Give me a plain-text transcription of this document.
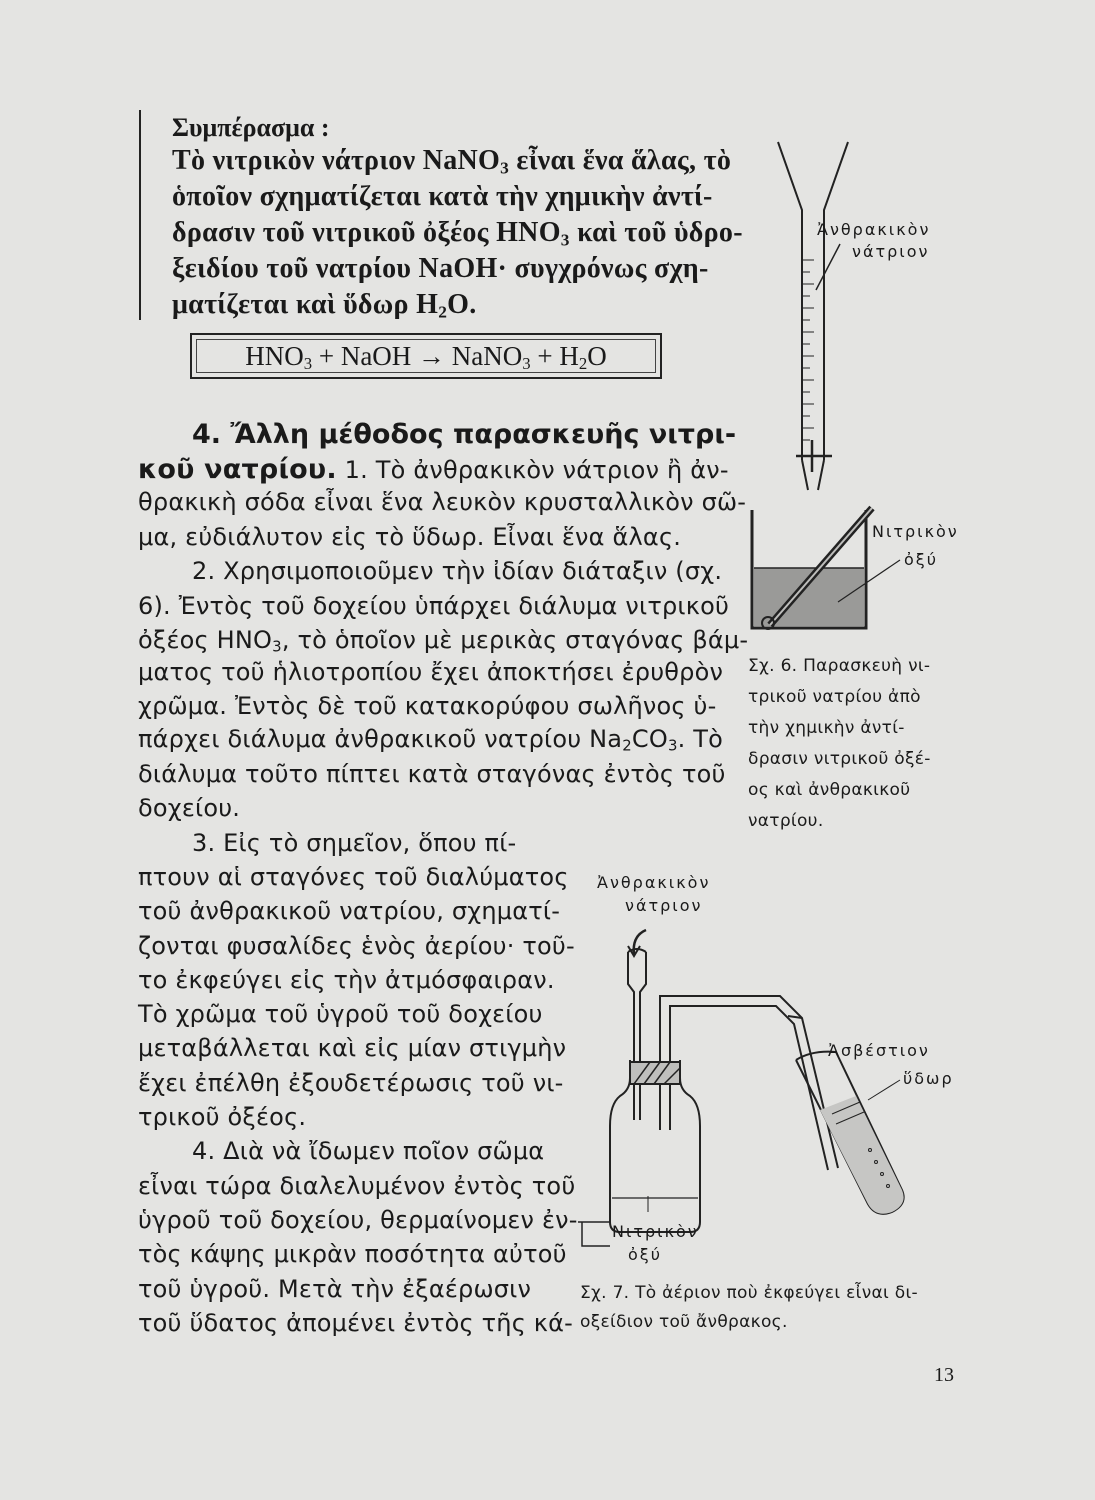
Συμπέρασμα :
Τὸ νιτρικὸν νάτριον NaNO$_3$ εἶναι ἕνα ἅλας, τὸ
ὁποῖον σχηματίζεται κατὰ τὴν χημικὴν ἀντί-
δρασιν τοῦ νιτρικοῦ ὀξέος $HNO_3$ καὶ τοῦ ὑδρο-
ξειδίου τοῦ νατρίου NaOH· συγχρόνως σχη-
ματίζεται καὶ ὕδωρ $H_2O$.
$HNO_3$ + NaOH → NaNO$_3$ + $H_2O$
4. Ἄλλη μέθοδος παρασκευῆς νιτρι-
κοῦ νατρίου. 1. Τὸ ἀνθρακικὸν νάτριον ἢ ἀν-
θρακικὴ σόδα εἶναι ἕνα λευκὸν κρυσταλλικὸν σῶ-
μα, εὐδιάλυτον εἰς τὸ ὕδωρ. Εἶναι ἕνα ἅλας.
2. Χρησιμοποιοῦμεν τὴν ἰδίαν διάταξιν (σχ.
6). Ἐντὸς τοῦ δοχείου ὑπάρχει διάλυμα νιτρικοῦ
ὀξέος $HNO_3$, τὸ ὁποῖον μὲ μερικὰς σταγόνας βάμ-
ματος τοῦ ἡλιοτροπίου ἔχει ἀποκτήσει ἐρυθρὸν
χρῶμα. Ἐντὸς δὲ τοῦ κατακορύφου σωλῆνος ὑ-
πάρχει διάλυμα ἀνθρακικοῦ νατρίου $Na_2CO_3$. Τὸ
διάλυμα τοῦτο πίπτει κατὰ σταγόνας ἐντὸς τοῦ
δοχείου.
3. Εἰς τὸ σημεῖον, ὅπου πί-
πτουν αἱ σταγόνες τοῦ διαλύματος
τοῦ ἀνθρακικοῦ νατρίου, σχηματί-
ζονται φυσαλίδες ἑνὸς ἀερίου· τοῦ-
το ἐκφεύγει εἰς τὴν ἀτμόσφαιραν.
Τὸ χρῶμα τοῦ ὑγροῦ τοῦ δοχείου
μεταβάλλεται καὶ εἰς μίαν στιγμὴν
ἔχει ἐπέλθη ἐξουδετέρωσις τοῦ νι-
τρικοῦ ὀξέος.
4. Διὰ νὰ ἴδωμεν ποῖον σῶμα
εἶναι τώρα διαλελυμένον ἐντὸς τοῦ
ὑγροῦ τοῦ δοχείου, θερμαίνομεν ἐν-
τὸς κάψης μικρὰν ποσότητα αὐτοῦ
τοῦ ὑγροῦ. Μετὰ τὴν ἐξαέρωσιν
τοῦ ὕδατος ἀπομένει ἐντὸς τῆς κά-
Ἀνθρακικὸν
νάτριον
Νιτρικὸν
ὀξύ
Σχ. 6. Παρασκευὴ νι-
τρικοῦ νατρίου ἀπὸ
τὴν χημικὴν ἀντί-
δρασιν νιτρικοῦ ὀξέ-
ος καὶ ἀνθρακικοῦ
νατρίου.
Ἀνθρακικὸν
νάτριον
Ἀσβέστιον
ὕδωρ
Νιτρικὸν
ὀξύ
Σχ. 7. Τὸ ἀέριον ποὺ ἐκφεύγει εἶναι δι-
οξείδιον τοῦ ἄνθρακος.
13
